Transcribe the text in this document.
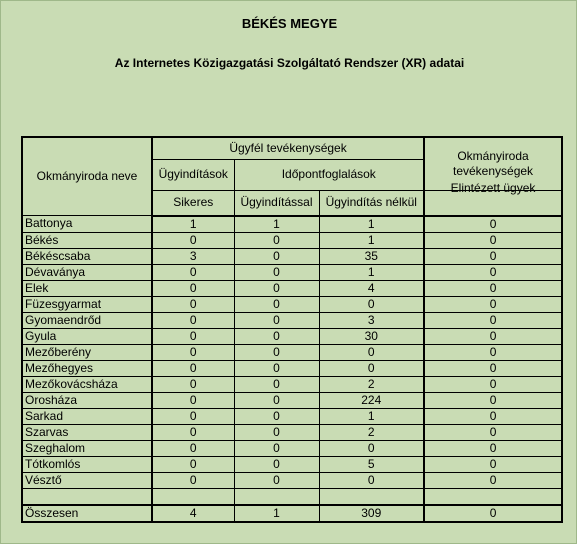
BÉKÉS MEGYE
Az Internetes Közigazgatási Szolgáltató Rendszer (XR) adatai
Okmányiroda neve	Ügyfél tevékenységek			Okmányiroda tevékenységek
	Ügyindítások	Időpontfoglalások		
	Sikeres	Ügyindítással	Ügyindítás nélkül	Elintézett ügyek
Battonya	1	1	1	0
Békés	0	0	1	0
Békéscsaba	3	0	35	0
Dévaványa	0	0	1	0
Elek	0	0	4	0
Füzesgyarmat	0	0	0	0
Gyomaendrőd	0	0	3	0
Gyula	0	0	30	0
Mezőberény	0	0	0	0
Mezőhegyes	0	0	0	0
Mezőkovácsháza	0	0	2	0
Orosháza	0	0	224	0
Sarkad	0	0	1	0
Szarvas	0	0	2	0
Szeghalom	0	0	0	0
Tótkomlós	0	0	5	0
Vésztő	0	0	0	0

Összesen	4	1	309	0
